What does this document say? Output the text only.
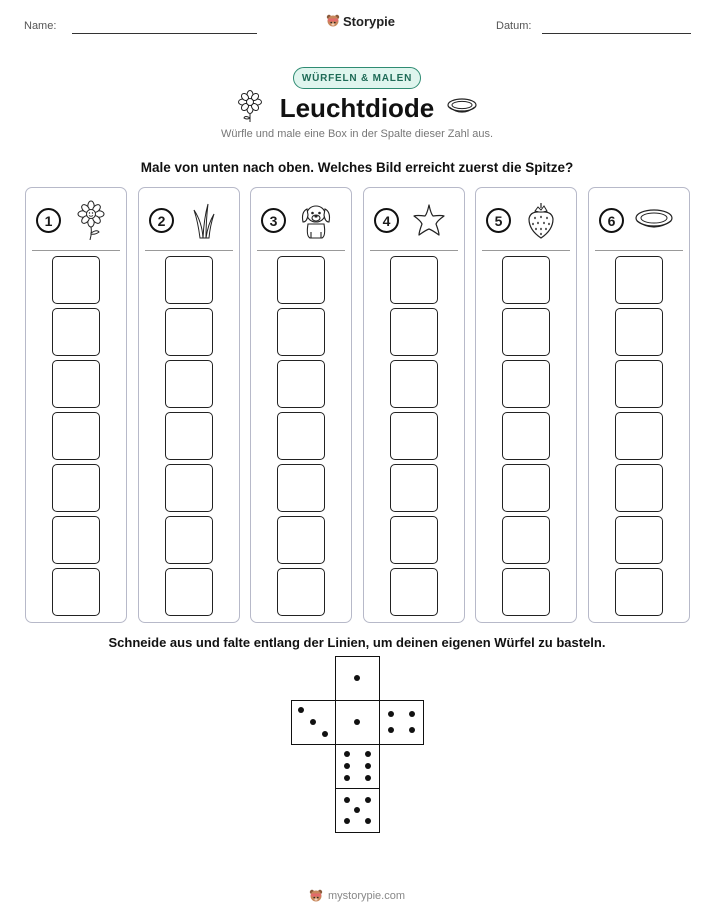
Name:	Storypie	Datum:
WÜRFELN & MALEN
Leuchtdiode
Würfle und male eine Box in der Spalte dieser Zahl aus.
Male von unten nach oben. Welches Bild erreicht zuerst die Spitze?
1	2	3	4	5	6
Schneide aus und falte entlang der Linien, um deinen eigenen Würfel zu basteln.
mystorypie.com
